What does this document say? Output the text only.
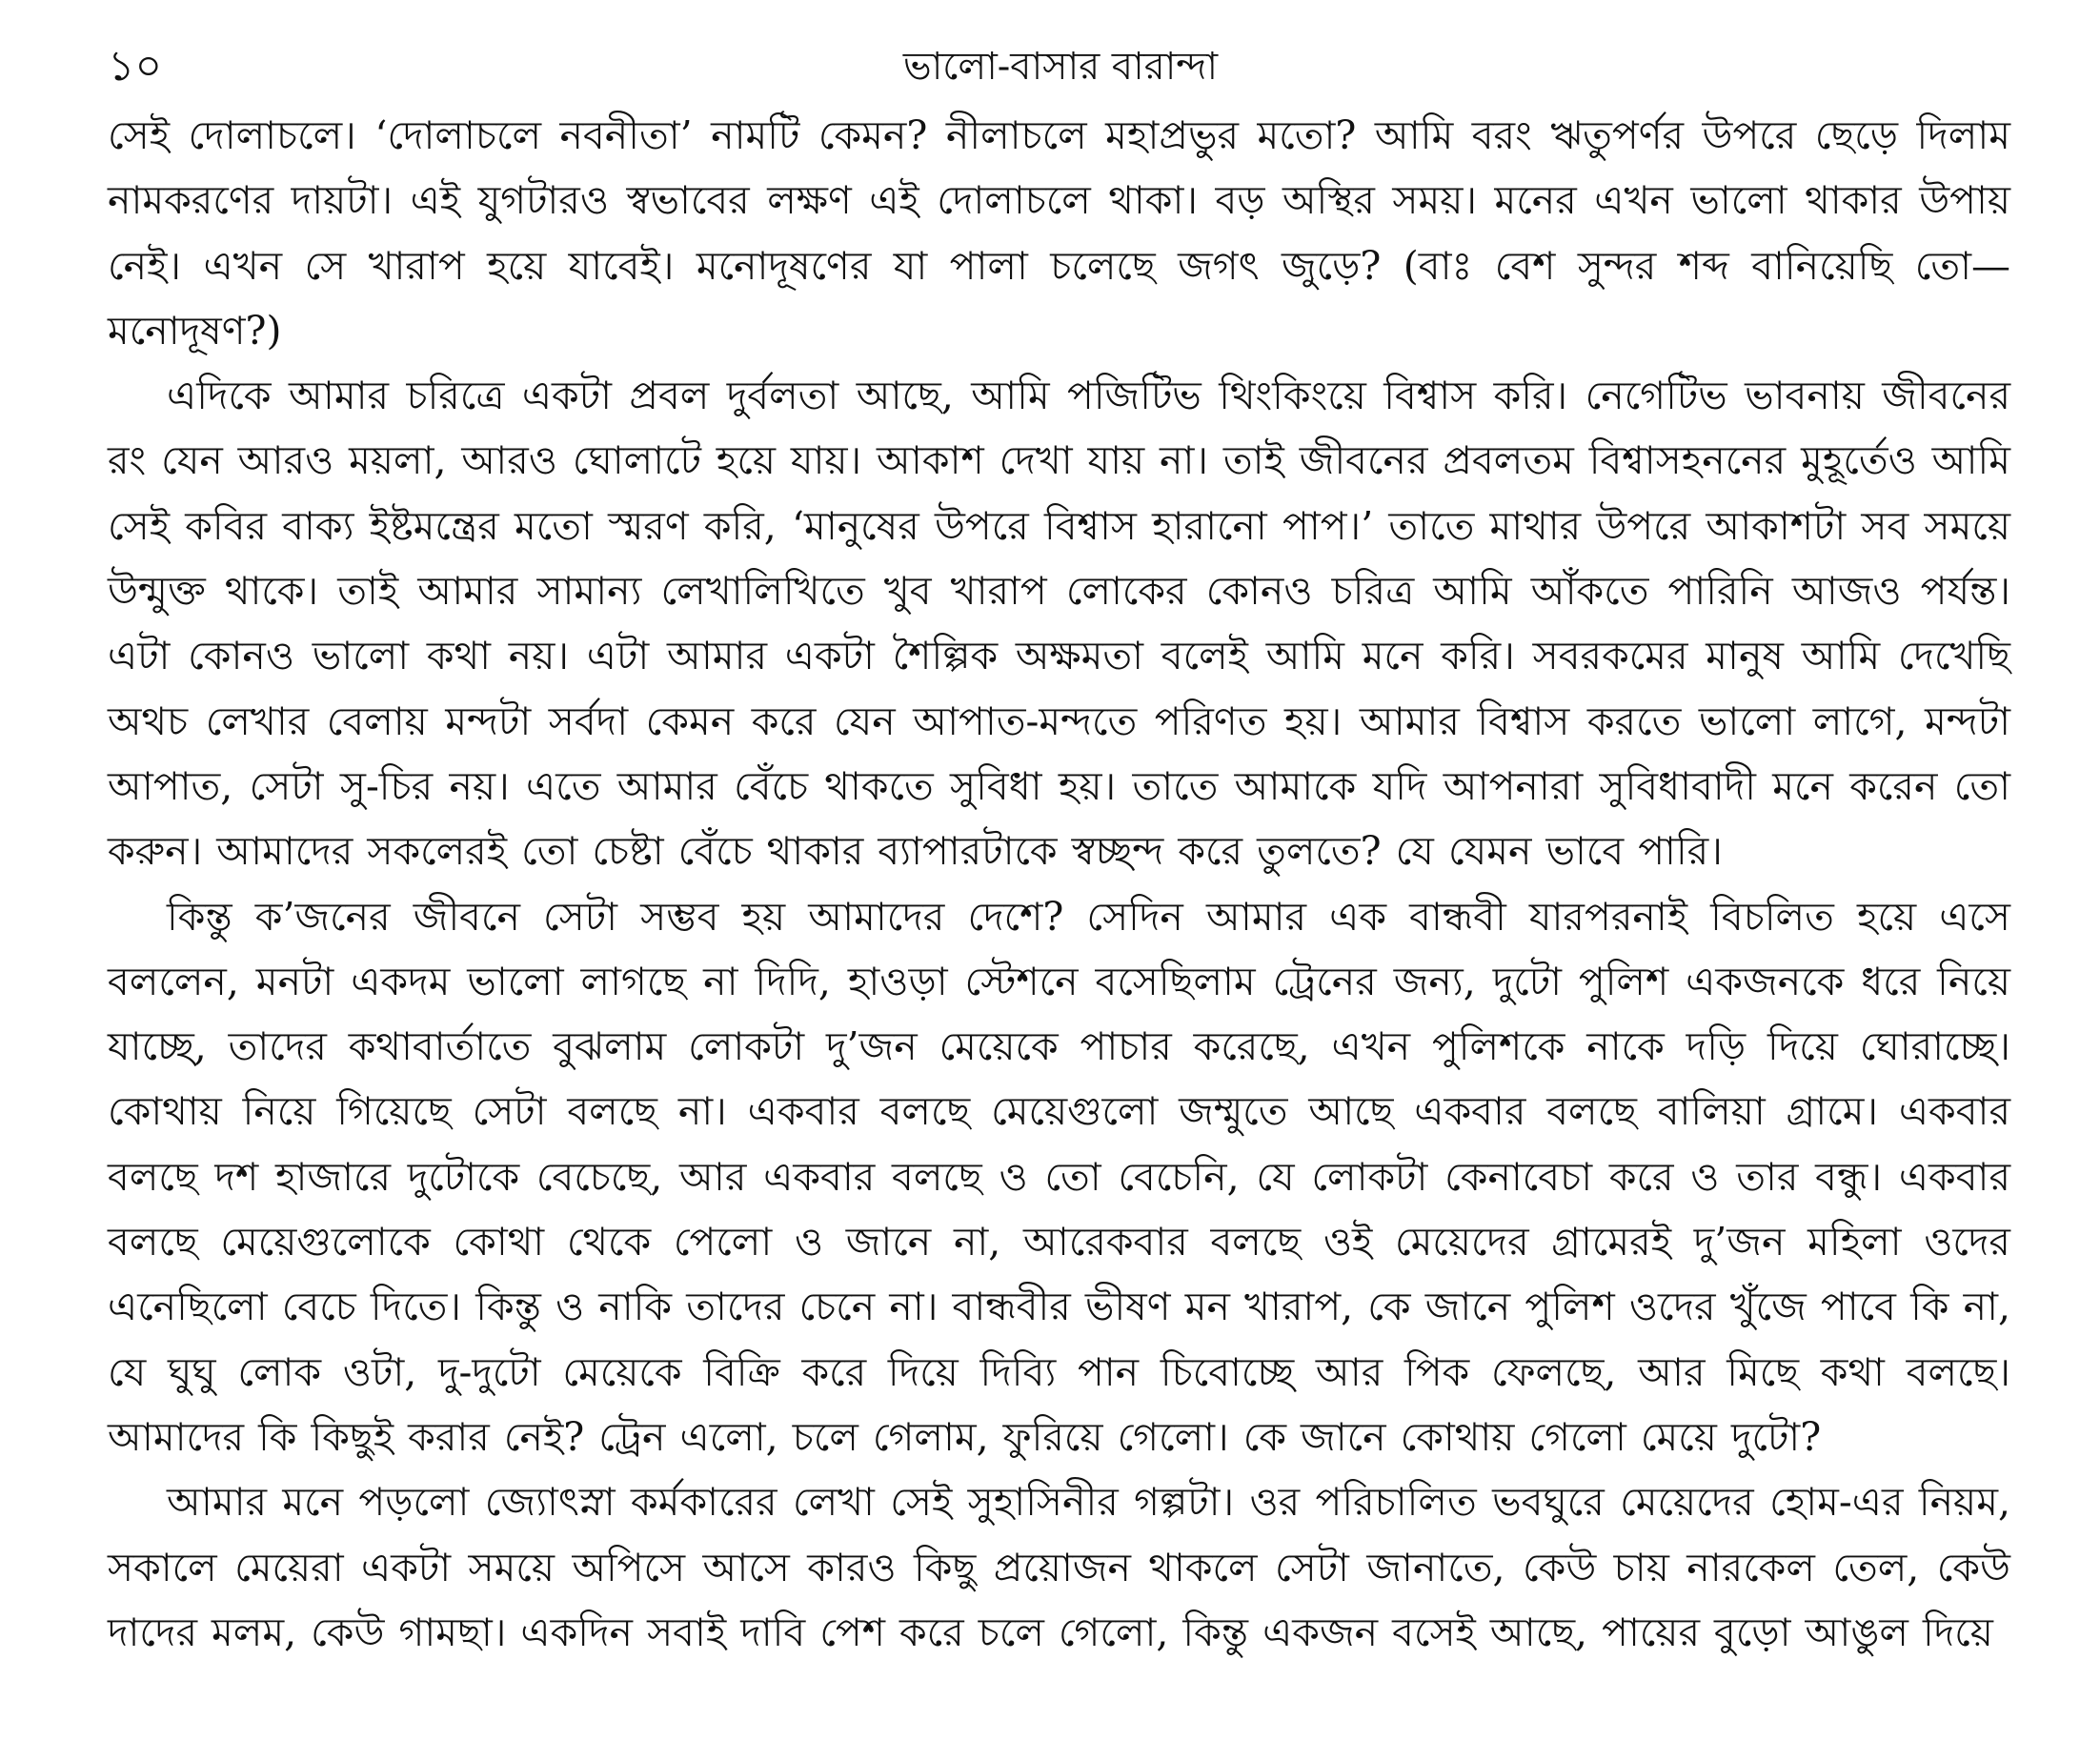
১০	ভালো-বাসার বারান্দা

সেই দোলাচলে। ‘দোলাচলে নবনীতা’ নামটি কেমন? নীলাচলে মহাপ্রভুর মতো? আমি বরং ঋতুপর্ণর উপরে ছেড়ে দিলাম নামকরণের দায়টা। এই যুগটারও স্বভাবের লক্ষণ এই দোলাচলে থাকা। বড় অস্থির সময়। মনের এখন ভালো থাকার উপায় নেই। এখন সে খারাপ হয়ে যাবেই। মনোদূষণের যা পালা চলেছে জগৎ জুড়ে? (বাঃ বেশ সুন্দর শব্দ বানিয়েছি তো—মনোদূষণ?)

এদিকে আমার চরিত্রে একটা প্রবল দুর্বলতা আছে, আমি পজিটিভ থিংকিংয়ে বিশ্বাস করি। নেগেটিভ ভাবনায় জীবনের রং যেন আরও ময়লা, আরও ঘোলাটে হয়ে যায়। আকাশ দেখা যায় না। তাই জীবনের প্রবলতম বিশ্বাসহননের মুহূর্তেও আমি সেই কবির বাক্য ইষ্টমন্ত্রের মতো স্মরণ করি, ‘মানুষের উপরে বিশ্বাস হারানো পাপ।’ তাতে মাথার উপরে আকাশটা সব সময়ে উন্মুক্ত থাকে। তাই আমার সামান্য লেখালিখিতে খুব খারাপ লোকের কোনও চরিত্র আমি আঁকতে পারিনি আজও পর্যন্ত। এটা কোনও ভালো কথা নয়। এটা আমার একটা শৈল্পিক অক্ষমতা বলেই আমি মনে করি। সবরকমের মানুষ আমি দেখেছি অথচ লেখার বেলায় মন্দটা সর্বদা কেমন করে যেন আপাত-মন্দতে পরিণত হয়। আমার বিশ্বাস করতে ভালো লাগে, মন্দটা আপাত, সেটা সু-চির নয়। এতে আমার বেঁচে থাকতে সুবিধা হয়। তাতে আমাকে যদি আপনারা সুবিধাবাদী মনে করেন তো করুন। আমাদের সকলেরই তো চেষ্টা বেঁচে থাকার ব্যাপারটাকে স্বচ্ছন্দ করে তুলতে? যে যেমন ভাবে পারি।

কিন্তু ক’জনের জীবনে সেটা সম্ভব হয় আমাদের দেশে? সেদিন আমার এক বান্ধবী যারপরনাই বিচলিত হয়ে এসে বললেন, মনটা একদম ভালো লাগছে না দিদি, হাওড়া স্টেশনে বসেছিলাম ট্রেনের জন্য, দুটো পুলিশ একজনকে ধরে নিয়ে যাচ্ছে, তাদের কথাবার্তাতে বুঝলাম লোকটা দু’জন মেয়েকে পাচার করেছে, এখন পুলিশকে নাকে দড়ি দিয়ে ঘোরাচ্ছে। কোথায় নিয়ে গিয়েছে সেটা বলছে না। একবার বলছে মেয়েগুলো জম্মুতে আছে একবার বলছে বালিয়া গ্রামে। একবার বলছে দশ হাজারে দুটোকে বেচেছে, আর একবার বলছে ও তো বেচেনি, যে লোকটা কেনাবেচা করে ও তার বন্ধু। একবার বলছে মেয়েগুলোকে কোথা থেকে পেলো ও জানে না, আরেকবার বলছে ওই মেয়েদের গ্রামেরই দু’জন মহিলা ওদের এনেছিলো বেচে দিতে। কিন্তু ও নাকি তাদের চেনে না। বান্ধবীর ভীষণ মন খারাপ, কে জানে পুলিশ ওদের খুঁজে পাবে কি না, যে ঘুঘু লোক ওটা, দু-দুটো মেয়েকে বিক্রি করে দিয়ে দিব্যি পান চিবোচ্ছে আর পিক ফেলছে, আর মিছে কথা বলছে। আমাদের কি কিছুই করার নেই? ট্রেন এলো, চলে গেলাম, ফুরিয়ে গেলো। কে জানে কোথায় গেলো মেয়ে দুটো?

আমার মনে পড়লো জ্যোৎস্না কর্মকারের লেখা সেই সুহাসিনীর গল্পটা। ওর পরিচালিত ভবঘুরে মেয়েদের হোম-এর নিয়ম, সকালে মেয়েরা একটা সময়ে অপিসে আসে কারও কিছু প্রয়োজন থাকলে সেটা জানাতে, কেউ চায় নারকেল তেল, কেউ দাদের মলম, কেউ গামছা। একদিন সবাই দাবি পেশ করে চলে গেলো, কিন্তু একজন বসেই আছে, পায়ের বুড়ো আঙুল দিয়ে
